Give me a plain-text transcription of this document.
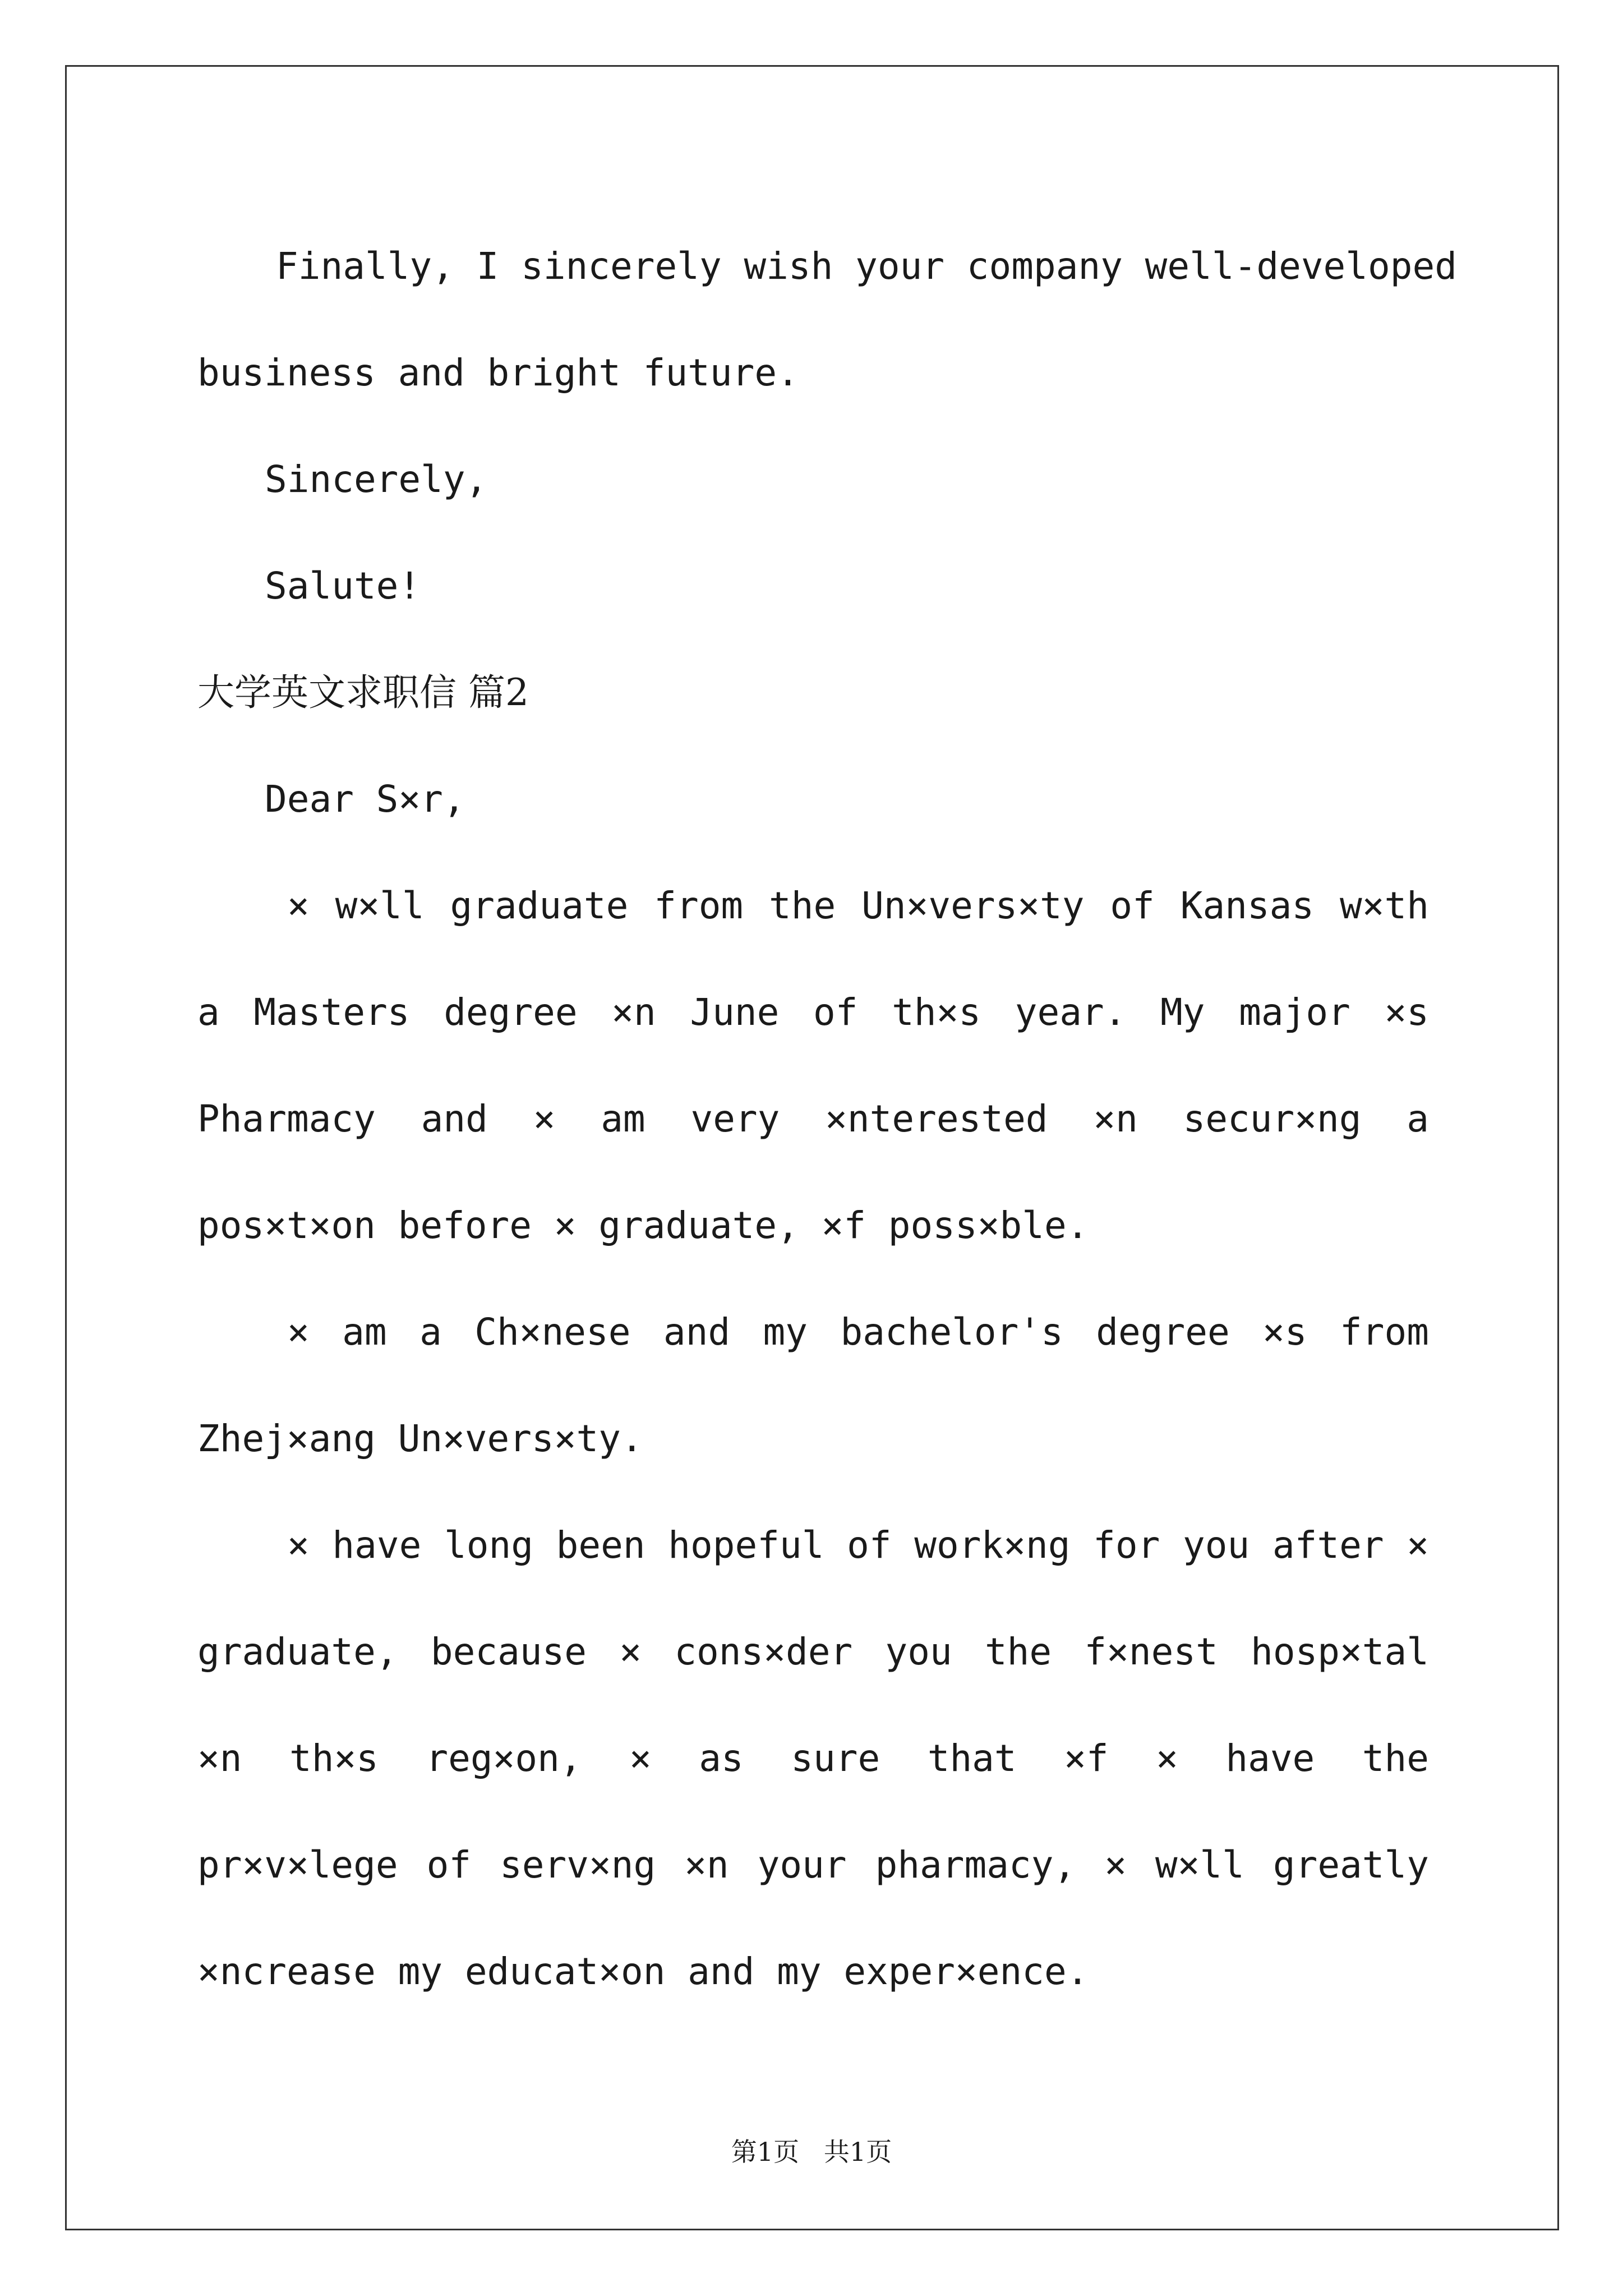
Finally, I sincerely wish your company well-developed
business and bright future.
Sincerely,
Salute!
大学英文求职信 篇2
Dear S×r,
× w×ll graduate from the Un×vers×ty of Kansas w×th
a Masters degree ×n June of th×s year. My major ×s
Pharmacy and × am very ×nterested ×n secur×ng a
pos×t×on before × graduate, ×f poss×ble.
× am a Ch×nese and my bachelor's degree ×s from
Zhej×ang Un×vers×ty.
× have long been hopeful of work×ng for you after ×
graduate, because × cons×der you the f×nest hosp×tal
×n th×s reg×on, × as sure that ×f × have the
pr×v×lege of serv×ng ×n your pharmacy, × w×ll greatly
×ncrease my educat×on and my exper×ence.
第1页   共1页
